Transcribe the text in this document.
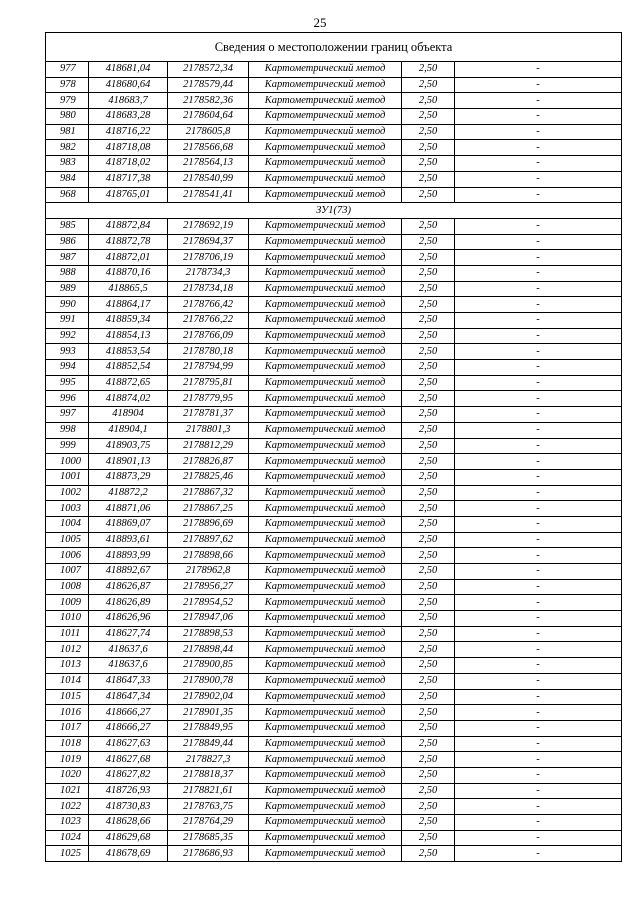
25
Сведения о местоположении границ объекта					
977	418681,04	2178572,34	Картометрический метод	2,50	-
978	418680,64	2178579,44	Картометрический метод	2,50	-
979	418683,7	2178582,36	Картометрический метод	2,50	-
980	418683,28	2178604,64	Картометрический метод	2,50	-
981	418716,22	2178605,8	Картометрический метод	2,50	-
982	418718,08	2178566,68	Картометрический метод	2,50	-
983	418718,02	2178564,13	Картометрический метод	2,50	-
984	418717,38	2178540,99	Картометрический метод	2,50	-
968	418765,01	2178541,41	Картометрический метод	2,50	-
ЗУ1(73)					
985	418872,84	2178692,19	Картометрический метод	2,50	-
986	418872,78	2178694,37	Картометрический метод	2,50	-
987	418872,01	2178706,19	Картометрический метод	2,50	-
988	418870,16	2178734,3	Картометрический метод	2,50	-
989	418865,5	2178734,18	Картометрический метод	2,50	-
990	418864,17	2178766,42	Картометрический метод	2,50	-
991	418859,34	2178766,22	Картометрический метод	2,50	-
992	418854,13	2178766,09	Картометрический метод	2,50	-
993	418853,54	2178780,18	Картометрический метод	2,50	-
994	418852,54	2178794,99	Картометрический метод	2,50	-
995	418872,65	2178795,81	Картометрический метод	2,50	-
996	418874,02	2178779,95	Картометрический метод	2,50	-
997	418904	2178781,37	Картометрический метод	2,50	-
998	418904,1	2178801,3	Картометрический метод	2,50	-
999	418903,75	2178812,29	Картометрический метод	2,50	-
1000	418901,13	2178826,87	Картометрический метод	2,50	-
1001	418873,29	2178825,46	Картометрический метод	2,50	-
1002	418872,2	2178867,32	Картометрический метод	2,50	-
1003	418871,06	2178867,25	Картометрический метод	2,50	-
1004	418869,07	2178896,69	Картометрический метод	2,50	-
1005	418893,61	2178897,62	Картометрический метод	2,50	-
1006	418893,99	2178898,66	Картометрический метод	2,50	-
1007	418892,67	2178962,8	Картометрический метод	2,50	-
1008	418626,87	2178956,27	Картометрический метод	2,50	-
1009	418626,89	2178954,52	Картометрический метод	2,50	-
1010	418626,96	2178947,06	Картометрический метод	2,50	-
1011	418627,74	2178898,53	Картометрический метод	2,50	-
1012	418637,6	2178898,44	Картометрический метод	2,50	-
1013	418637,6	2178900,85	Картометрический метод	2,50	-
1014	418647,33	2178900,78	Картометрический метод	2,50	-
1015	418647,34	2178902,04	Картометрический метод	2,50	-
1016	418666,27	2178901,35	Картометрический метод	2,50	-
1017	418666,27	2178849,95	Картометрический метод	2,50	-
1018	418627,63	2178849,44	Картометрический метод	2,50	-
1019	418627,68	2178827,3	Картометрический метод	2,50	-
1020	418627,82	2178818,37	Картометрический метод	2,50	-
1021	418726,93	2178821,61	Картометрический метод	2,50	-
1022	418730,83	2178763,75	Картометрический метод	2,50	-
1023	418628,66	2178764,29	Картометрический метод	2,50	-
1024	418629,68	2178685,35	Картометрический метод	2,50	-
1025	418678,69	2178686,93	Картометрический метод	2,50	-
